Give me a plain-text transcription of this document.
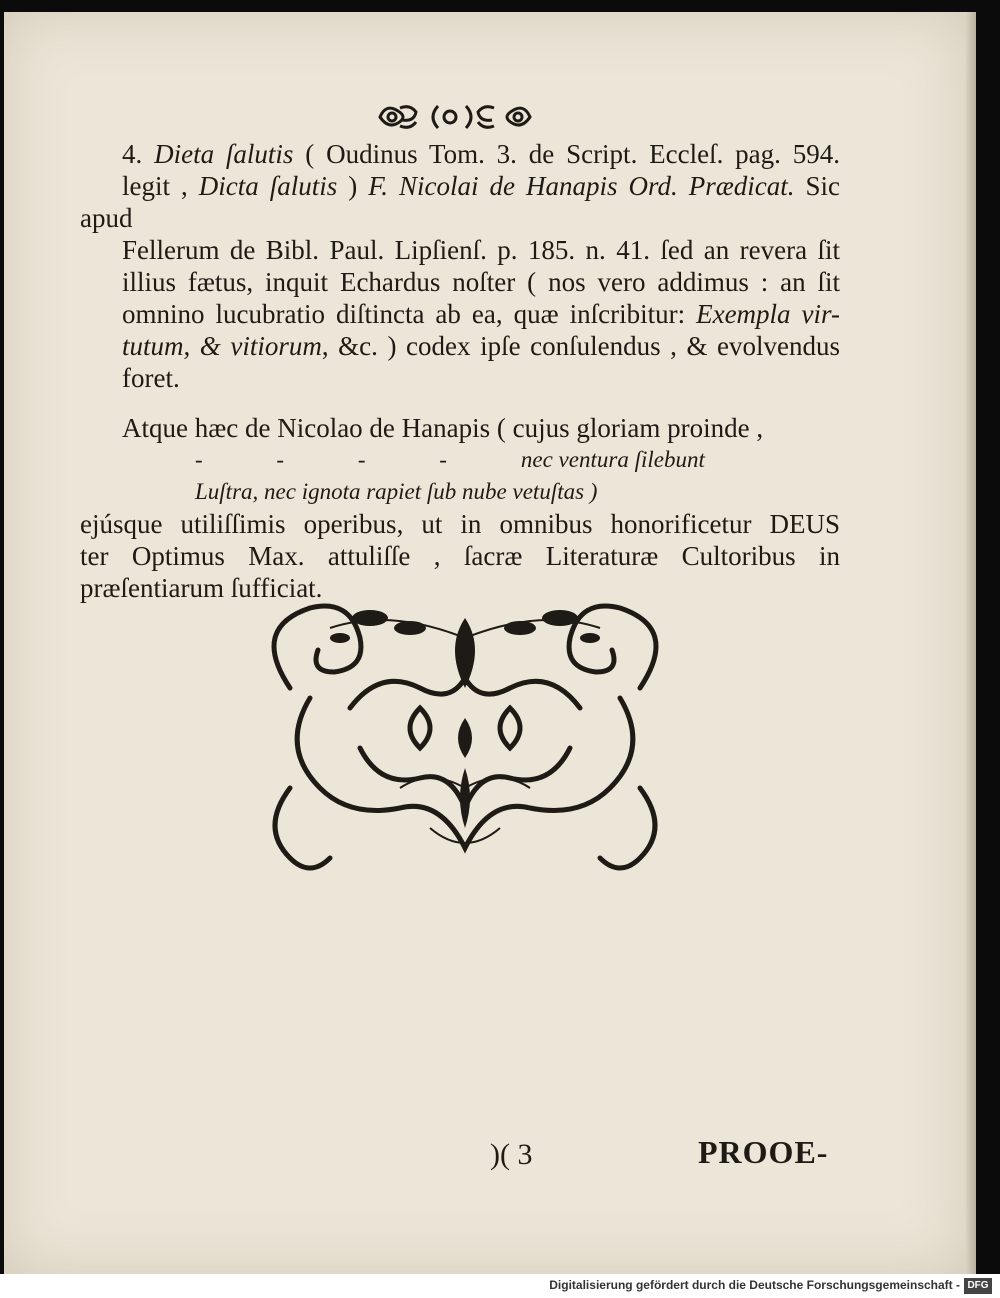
4. Dieta ſalutis ( Oudinus Tom. 3. de Script. Eccleſ. pag. 594.
legit , Dicta ſalutis ) F. Nicolai de Hanapis Ord. Prædicat. Sic apud
Fellerum de Bibl. Paul. Lipſienſ. p. 185. n. 41. ſed an revera ſit
illius fætus, inquit Echardus noſter ( nos vero addimus : an ſit
omnino lucubratio diſtincta ab ea, quæ inſcribitur: Exempla vir-
tutum, & vitiorum, &c. ) codex ipſe conſulendus , & evolvendus
foret.

Atque hæc de Nicolao de Hanapis ( cujus gloriam proinde ,
- - - - nec ventura ſilebunt
Luſtra, nec ignota rapiet ſub nube vetuſtas )
ejúsque utiliſſimis operibus, ut in omnibus honorificetur DEUS
ter Optimus Max. attuliſſe , ſacræ Literaturæ Cultoribus in
præſentiarum ſufficiat.

)( 3	PROOE-
Digitalisierung gefördert durch die Deutsche Forschungsgemeinschaft - DFG
